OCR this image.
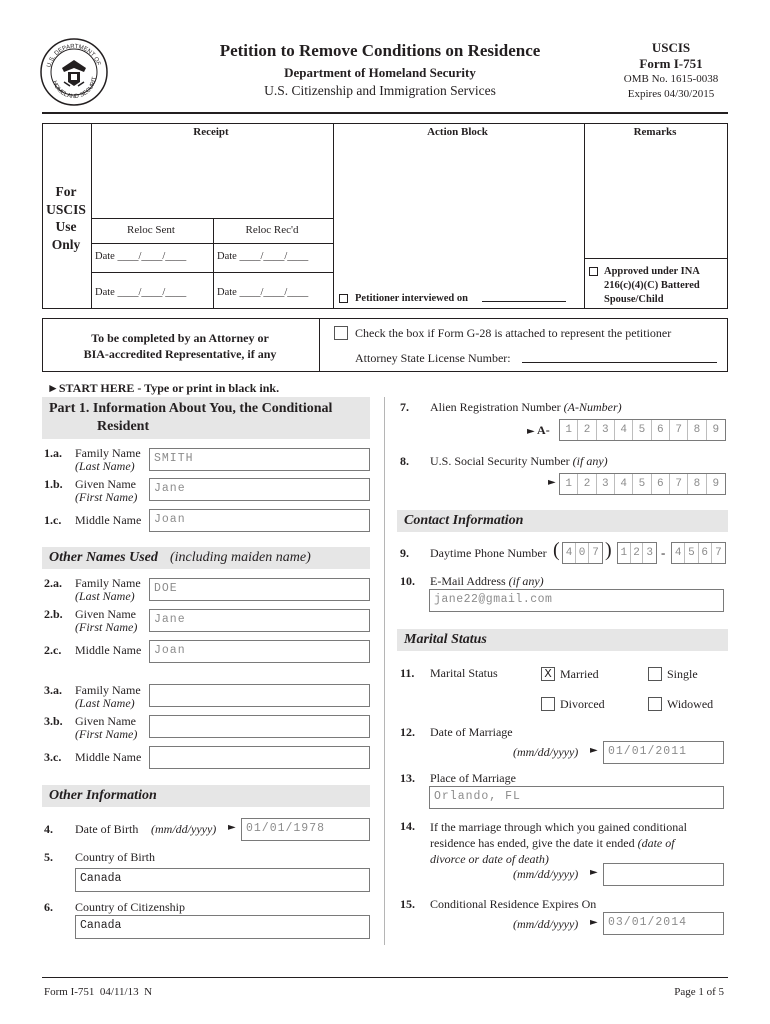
U.S. DEPARTMENT OF
HOMELAND SECURIT
Petition to Remove Conditions on Residence
Department of Homeland Security
U.S. Citizenship and Immigration Services
USCIS
Form I-751
OMB No. 1615-0038
Expires 04/30/2015
For
USCIS
Use
Only
Receipt	Action Block	Remarks
Reloc Sent	Reloc Rec'd
Date ____/____/____	Date ____/____/____
Date ____/____/____	Date ____/____/____
Petitioner interviewed on
Approved under INA
216(c)(4)(C) Battered
Spouse/Child
To be completed by an Attorney or
BIA-accredited Representative, if any
Check the box if Form G-28 is attached to represent the petitioner
Attorney State License Number:
►START HERE - Type or print in black ink.
Part 1. Information About You, the Conditional
Resident
1.a. Family Name
(Last Name)
SMITH
1.b. Given Name
(First Name)
Jane
1.c. Middle Name	Joan
Other Names Used (including maiden name)
2.a. Family Name
(Last Name)
DOE
2.b. Given Name
(First Name)
Jane
2.c. Middle Name	Joan
3.a. Family Name
(Last Name)
3.b. Given Name
(First Name)
3.c. Middle Name
Other Information
4. Date of Birth (mm/dd/yyyy) ► 01/01/1978
5. Country of Birth
Canada
6. Country of Citizenship
Canada
7. Alien Registration Number (A-Number)
► A-	1	2	3	4	5	6	7	8	9
8. U.S. Social Security Number (if any)
► 1	2	3	4	5	6	7	8	9
Contact Information
9. Daytime Phone Number ( 4 0 7 ) 1 2 3 - 4 5 6 7
10. E-Mail Address (if any)
jane22@gmail.com
Marital Status
11. Marital Status	X Married	Single
Divorced	Widowed
12. Date of Marriage
(mm/dd/yyyy) ► 01/01/2011
13. Place of Marriage
Orlando, FL
14. If the marriage through which you gained conditional
residence has ended, give the date it ended (date of
divorce or date of death)
(mm/dd/yyyy) ►
15. Conditional Residence Expires On
(mm/dd/yyyy) ► 03/01/2014
Form I-751  04/11/13  N	Page 1 of 5
